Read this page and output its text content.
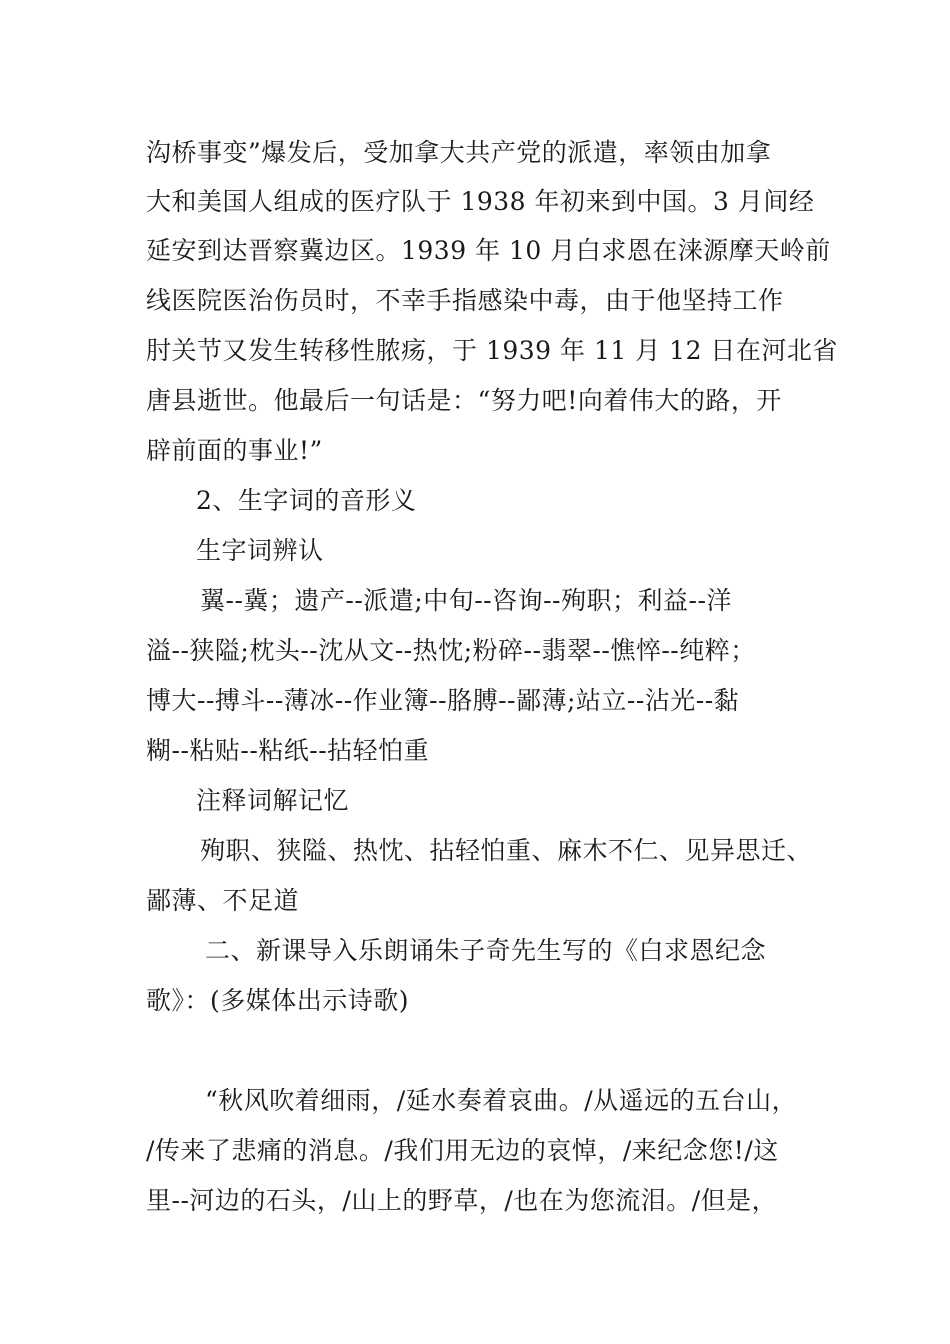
沟桥事变”爆发后，受加拿大共产党的派遣，率领由加拿
大和美国人组成的医疗队于 1938 年初来到中国。3 月间经
延安到达晋察冀边区。1939 年 10 月白求恩在涞源摩天岭前
线医院医治伤员时，不幸手指感染中毒，由于他坚持工作
肘关节又发生转移性脓疡，于 1939 年 11 月 12 日在河北省
唐县逝世。他最后一句话是：“努力吧!向着伟大的路，开
辟前面的事业!”
2、生字词的音形义
生字词辨认
翼--冀；遗产--派遣;中旬--咨询--殉职；利益--洋
溢--狭隘;枕头--沈从文--热忱;粉碎--翡翠--憔悴--纯粹；
博大--搏斗--薄冰--作业簿--胳膊--鄙薄;站立--沾光--黏
糊--粘贴--粘纸--拈轻怕重
注释词解记忆
殉职、狭隘、热忱、拈轻怕重、麻木不仁、见异思迁、
鄙薄、不足道
二、新课导入乐朗诵朱子奇先生写的《白求恩纪念
歌》：(多媒体出示诗歌)
“秋风吹着细雨，/延水奏着哀曲。/从遥远的五台山，
/传来了悲痛的消息。/我们用无边的哀悼，/来纪念您!/这
里--河边的石头，/山上的野草，/也在为您流泪。/但是，
